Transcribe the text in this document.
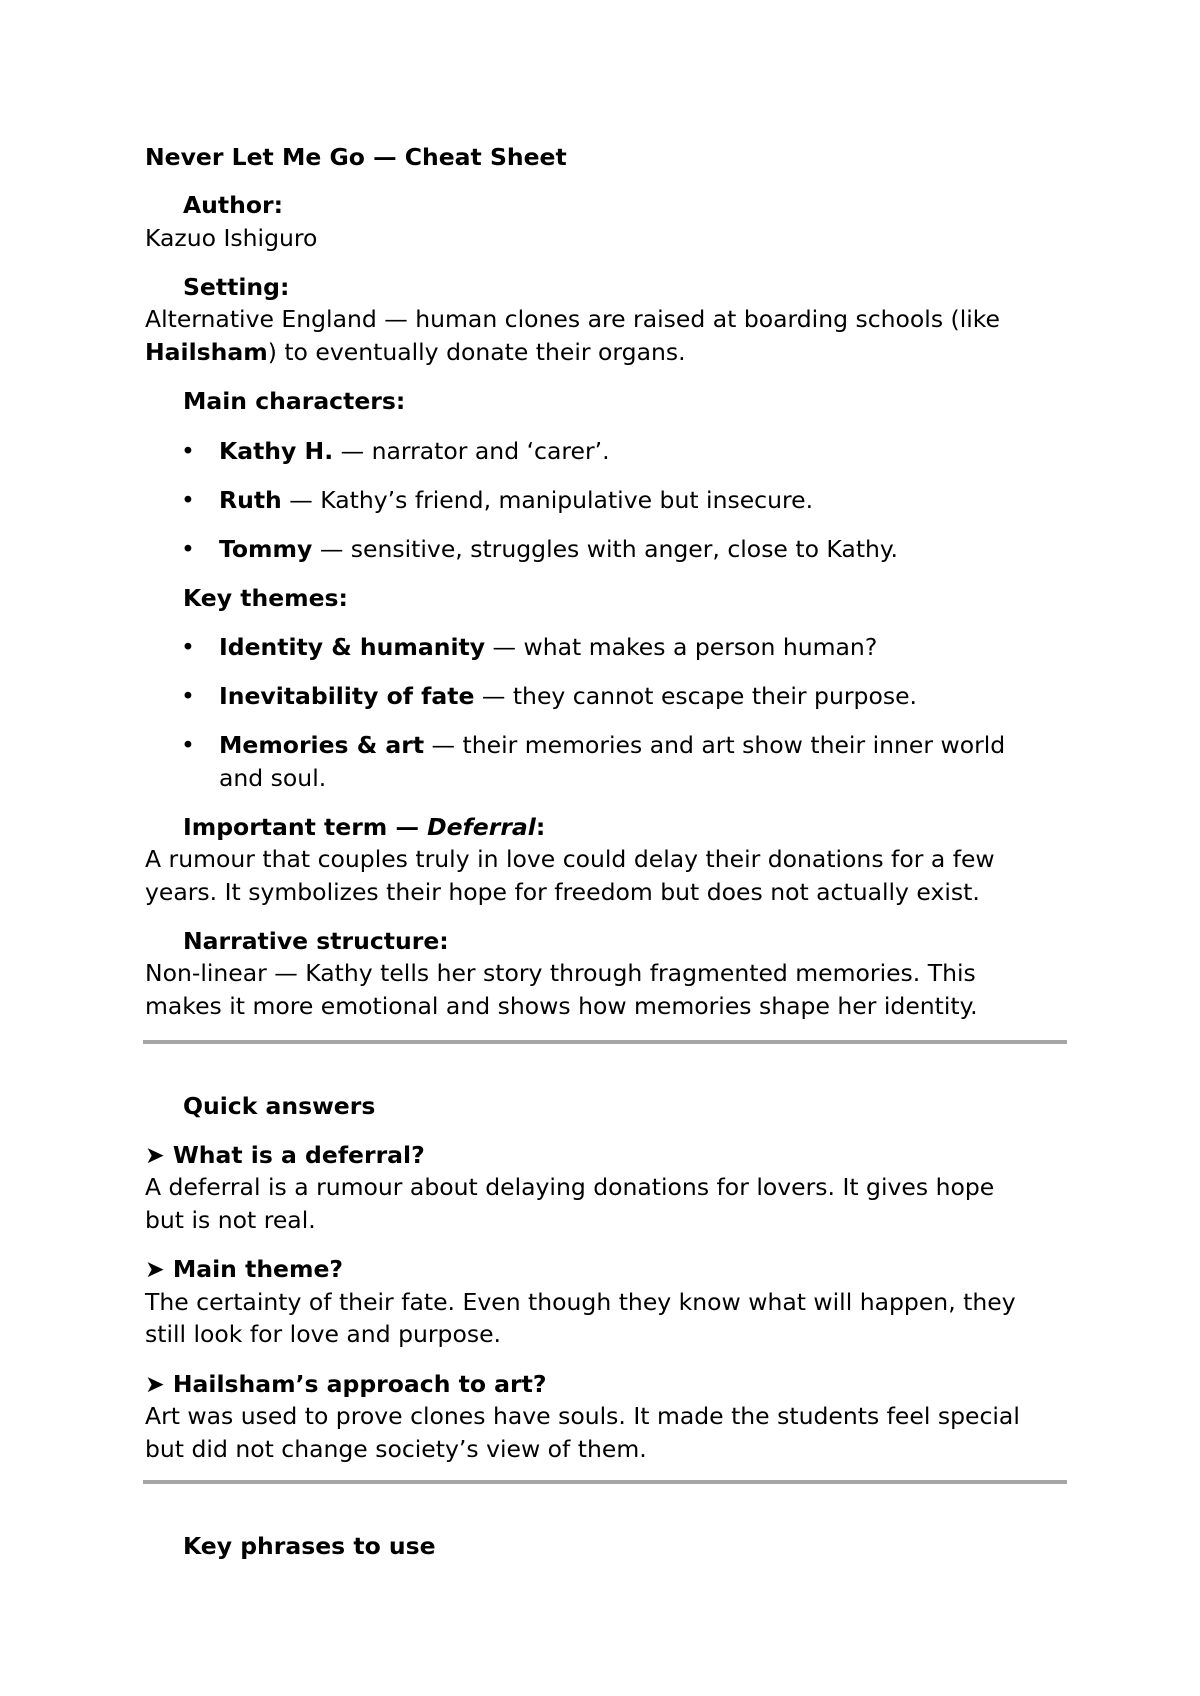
Never Let Me Go — Cheat Sheet
Author:
Kazuo Ishiguro
Setting:
Alternative England — human clones are raised at boarding schools (like
Hailsham) to eventually donate their organs.
Main characters:
• Kathy H. — narrator and ‘carer’.
• Ruth — Kathy’s friend, manipulative but insecure.
• Tommy — sensitive, struggles with anger, close to Kathy.
Key themes:
• Identity & humanity — what makes a person human?
• Inevitability of fate — they cannot escape their purpose.
• Memories & art — their memories and art show their inner world
and soul.
Important term — Deferral:
A rumour that couples truly in love could delay their donations for a few
years. It symbolizes their hope for freedom but does not actually exist.
Narrative structure:
Non-linear — Kathy tells her story through fragmented memories. This
makes it more emotional and shows how memories shape her identity.
Quick answers
➤ What is a deferral?
A deferral is a rumour about delaying donations for lovers. It gives hope
but is not real.
➤ Main theme?
The certainty of their fate. Even though they know what will happen, they
still look for love and purpose.
➤ Hailsham’s approach to art?
Art was used to prove clones have souls. It made the students feel special
but did not change society’s view of them.
Key phrases to use
